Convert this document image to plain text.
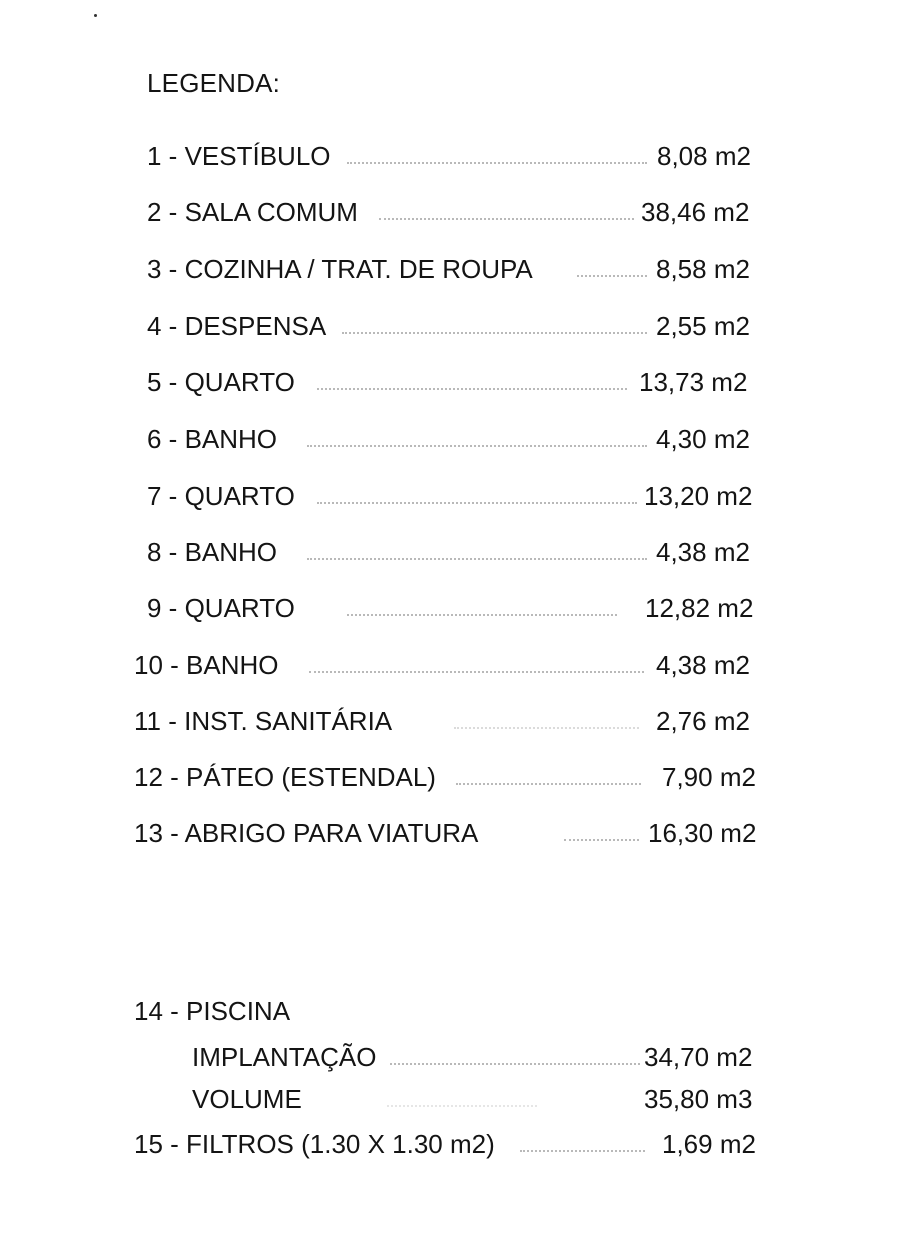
LEGENDA:
1 - VESTÍBULO	8,08 m2
2 - SALA COMUM	38,46 m2
3 - COZINHA / TRAT. DE ROUPA	8,58 m2
4 - DESPENSA	2,55 m2
5 - QUARTO	13,73 m2
6 - BANHO	4,30 m2
7 - QUARTO	13,20 m2
8 - BANHO	4,38 m2
9 - QUARTO	12,82 m2
10 - BANHO	4,38 m2
11 - INST. SANITÁRIA	2,76 m2
12 - PÁTEO (ESTENDAL)	7,90 m2
13 - ABRIGO PARA VIATURA	16,30 m2
14 - PISCINA
IMPLANTAÇÃO	34,70 m2
VOLUME	35,80 m3
15 - FILTROS (1.30 X 1.30 m2)	1,69 m2
